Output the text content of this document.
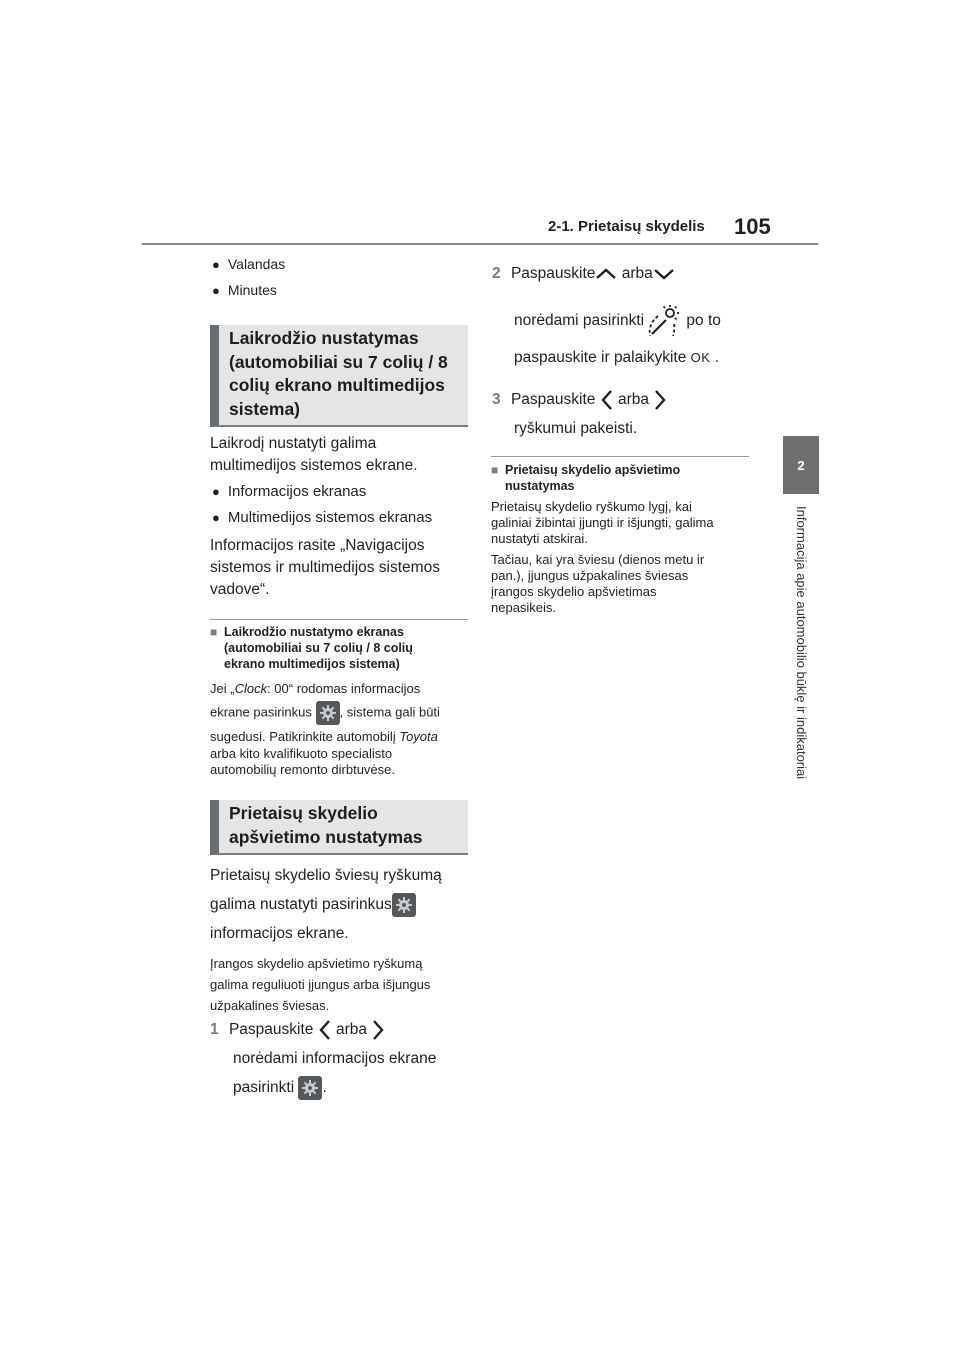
2-1. Prietaisų skydelis 105
2
Informacija apie automobilio būklę ir indikatoriai
● Valandas
● Minutes
Laikrodžio nustatymas
(automobiliai su 7 colių / 8
colių ekrano multimedijos
sistema)
Laikrodį nustatyti galima
multimedijos sistemos ekrane.
● Informacijos ekranas
● Multimedijos sistemos ekranas
Informacijos rasite „Navigacijos
sistemos ir multimedijos sistemos
vadove“.
■ Laikrodžio nustatymo ekranas
(automobiliai su 7 colių / 8 colių
ekrano multimedijos sistema)
Jei „Clock: 00“ rodomas informacijos
ekrane pasirinkus
, sistema gali būti
sugedusi. Patikrinkite automobilį Toyota
arba kito kvalifikuoto specialisto
automobilių remonto dirbtuvėse.
Prietaisų skydelio
apšvietimo nustatymas
Prietaisų skydelio šviesų ryškumą
galima nustatyti pasirinkus
informacijos ekrane.
Įrangos skydelio apšvietimo ryškumą
galima reguliuoti įjungus arba išjungus
užpakalines šviesas.
1 Paspauskite  arba
norėdami informacijos ekrane
pasirinkti
.
2 Paspauskite arba
norėdami pasirinkti po to
paspauskite ir palaikykite OK .
3 Paspauskite  arba
ryškumui pakeisti.
■ Prietaisų skydelio apšvietimo
nustatymas
Prietaisų skydelio ryškumo lygį, kai
galiniai žibintai įjungti ir išjungti, galima
nustatyti atskirai.
Tačiau, kai yra šviesu (dienos metu ir
pan.), įjungus užpakalines šviesas
įrangos skydelio apšvietimas
nepasikeis.
